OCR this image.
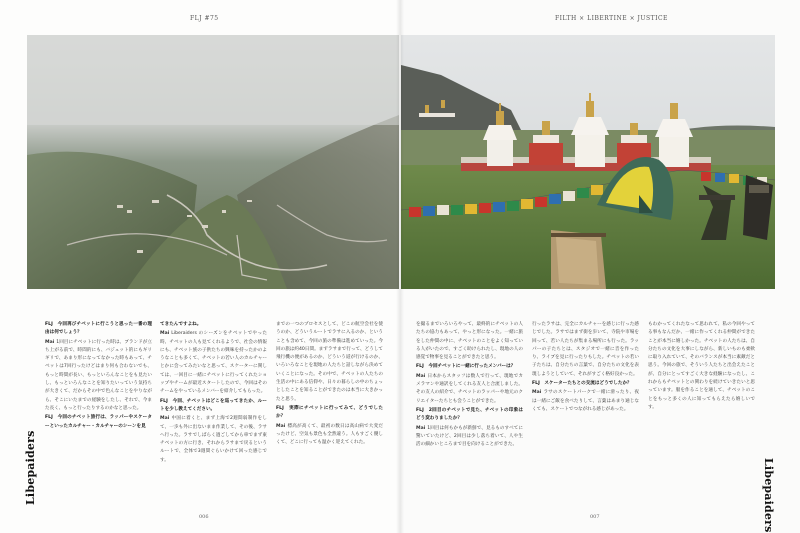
FLJ #75

FLJ　今回再びチベットに行こうと思った一番の理由は何でしょう？

Mai 1回目にチベットに行った時は、ブランドが立ち上がる前で、時間的にも、バジェット的にもギリギリで、あまり形になってなかった時もあって、チベットは7回行ったけどはまり何も合わないでも、もっと時間が長い、もっといろんなことをも見たいし、もっといろんなことを知りたいっていう気持ちが大きくて、だからその中で色んなことをやりながら、そこにいたまでの経験をしたし、それで、今また長く、もっと行ったりするのかなと思った。

FLJ　今回のチベット旅行は、ラッパーやスケーターといったカルチャー・カルチャーのシーンを見

てきたんですよね。

Mai Liberaiders のシーズンをチベットでやった時、チベットの人も見てくれるようで、社会の情報にも、チベット族の子供たちの興味を持ったかのようなことも多くて、チベットの若い人のカルチャーとかに会ってみたいなと思って、スケーターに関しては、一回目に一緒にチベットに行ってくれたショップやチームが最近スタートしたので、今回はそのチームをやっているメンバーを紹介してもらった。

FLJ　今回、チベットはどこを巡ってきたか、ルートを少し教えてください。

Mai 中国に着くと、まず上海で2週間弱制作をして、一歩も外に出ないまま作業して、その後、ラサへ行った。ラサでしばらく過ごしてから車でまず東チベットの方に行き、それからラサまで戻るというルートで、全体で3週間ぐらいかけて回った感じです。

までの一つのプロセスとして、どこの航空会社を使うのか、どういうルートでラサに入るのか、ということも含めて、今回の旅の準備は進めていった。今回の旅は約40日間。まずラサまで行って、どうして飛行機の便があるのか、どういう道が行けるのか、いろいろなことを現地の人たちと話しながら決めていくことになった。その中で、チベットの人たちの生活の中にある信仰や、日々の暮らしの中のちょっとしたことを知ることができたのは本当に大きかったと思う。

FLJ　実際にチベットに行ってみて、どうでしたか？

Mai 標高が高くて、最初の数日は高山病で大変だったけど、空気も景色も全然違う。人もすごく優しくて、どこに行っても温かく迎えてくれた。

Libераiders
006
FILTH × LIBERTINE × JUSTICE

を撮るまでいろいろやって、最終的にチベットの人たちの協力もあって、やっと形になった。一緒に旅をした仲間の中に、チベットのことをよく知っている人がいたので、すごく助けられたし、現地の人の感覚で物事を見ることができたと思う。

FLJ　今回チベットに一緒に行ったメンバーは？

Mai 日本からスタッフは数人で行って、現地でカメラマンや通訳をしてくれる友人と合流しました。その友人の紹介で、チベットのラッパーや地元のクリエイターたちとも会うことができた。

FLJ　2回目のチベットで見た、チベットの印象はどう変わりましたか？

Mai 1回目は何もかもが新鮮で、見るものすべてに驚いていたけど、2回目は少し落ち着いて、人や生活の細かいところまで目を向けることができた。

行ったラサは、完全にカルチャーを感じに行った感じでした。ラサではまず街を歩いて、寺院や市場を回って、若い人たちが集まる場所にも行った。ラッパーの子たちとは、スタジオで一緒に音を作ったり、ライブを見に行ったりもした。チベットの若い子たちは、自分たちの言葉で、自分たちの文化を表現しようとしていて、それがすごく格好良かった。

FLJ　スケーターたちとの交流はどうでしたか？

Mai ラサのスケートパークで一緒に滑ったり、夜は一緒にご飯を食べたりして、言葉はあまり通じなくても、スケートでつながれる感じがあった。

もわかってくれたなって思われて、私の今回やってる事もなんだか、一緒に作ってくれる仲間ができたことが本当に嬉しかった。チベットの人たちは、自分たちの文化を大事にしながら、新しいものも柔軟に取り入れていて、そのバランスが本当に素敵だと思う。今回の旅で、そういう人たちと出会えたことが、自分にとってすごく大きな経験になったし、これからもチベットとの関わりを続けていきたいと思っています。服を作ることを通して、チベットのことをもっと多くの人に知ってもらえたら嬉しいです。

Libераiders
007
